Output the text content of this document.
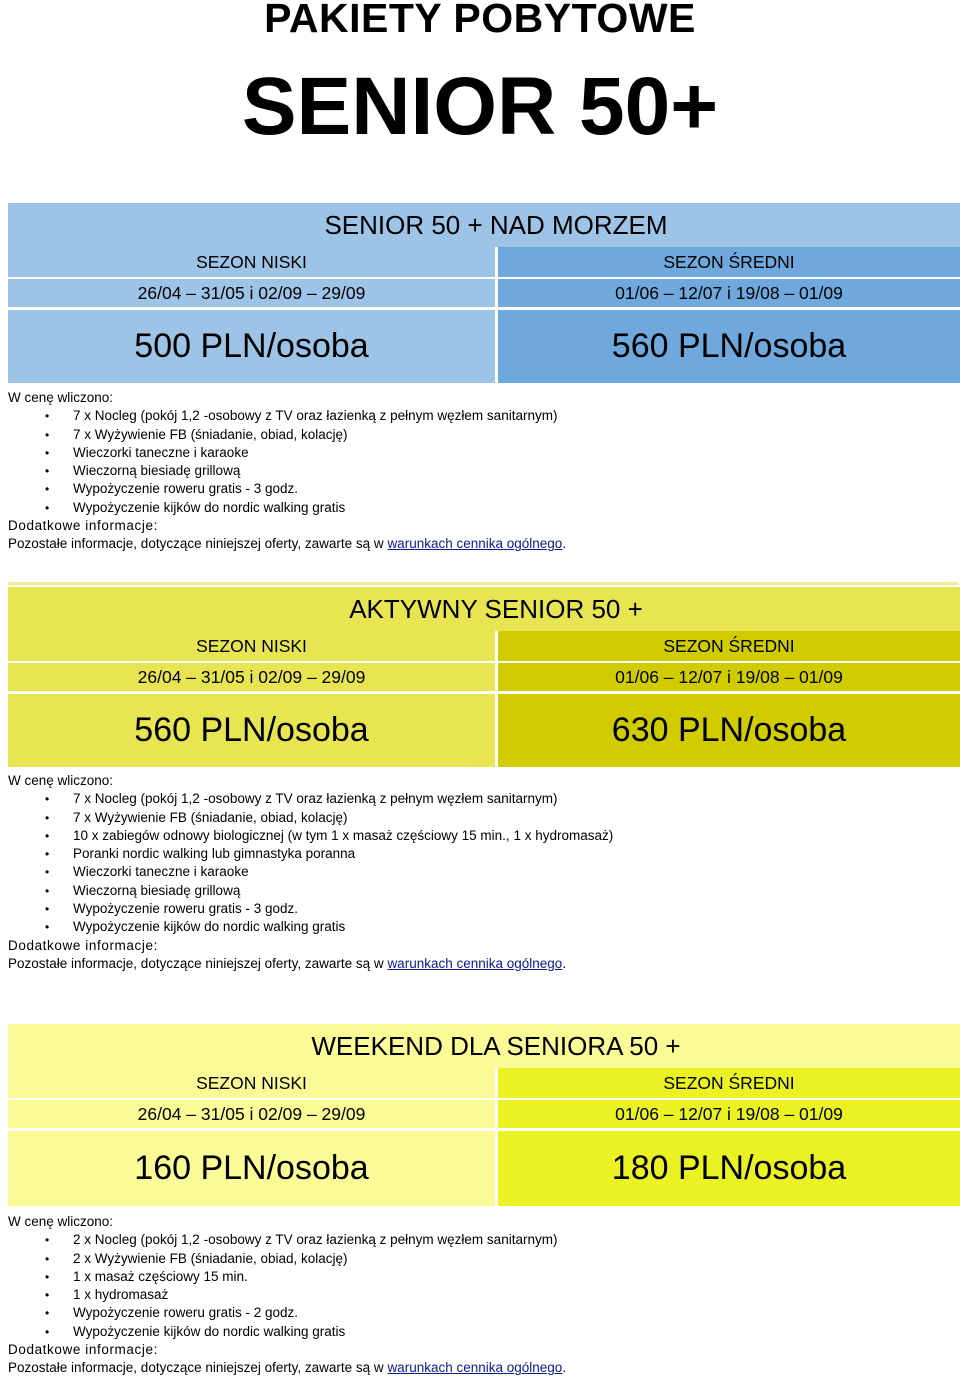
PAKIETY POBYTOWE
SENIOR 50+
SENIOR 50 + NAD MORZEM
SEZON NISKI	SEZON ŚREDNI
26/04 – 31/05 i 02/09 – 29/09	01/06 – 12/07 i 19/08 – 01/09
500 PLN/osoba	560 PLN/osoba
W cenę wliczono:
• 7 x Nocleg (pokój 1,2 -osobowy z TV oraz łazienką z pełnym węzłem sanitarnym)
• 7 x Wyżywienie FB (śniadanie, obiad, kolację)
• Wieczorki taneczne i karaoke
• Wieczorną biesiadę grillową
• Wypożyczenie roweru gratis - 3 godz.
• Wypożyczenie kijków do nordic walking gratis
Dodatkowe informacje:
Pozostałe informacje, dotyczące niniejszej oferty, zawarte są w warunkach cennika ogólnego.
AKTYWNY SENIOR 50 +
SEZON NISKI	SEZON ŚREDNI
26/04 – 31/05 i 02/09 – 29/09	01/06 – 12/07 i 19/08 – 01/09
560 PLN/osoba	630 PLN/osoba
W cenę wliczono:
• 7 x Nocleg (pokój 1,2 -osobowy z TV oraz łazienką z pełnym węzłem sanitarnym)
• 7 x Wyżywienie FB (śniadanie, obiad, kolację)
• 10 x zabiegów odnowy biologicznej (w tym 1 x masaż częściowy 15 min., 1 x hydromasaż)
• Poranki nordic walking lub gimnastyka poranna
• Wieczorki taneczne i karaoke
• Wieczorną biesiadę grillową
• Wypożyczenie roweru gratis - 3 godz.
• Wypożyczenie kijków do nordic walking gratis
Dodatkowe informacje:
Pozostałe informacje, dotyczące niniejszej oferty, zawarte są w warunkach cennika ogólnego.
WEEKEND DLA SENIORA 50 +
SEZON NISKI	SEZON ŚREDNI
26/04 – 31/05 i 02/09 – 29/09	01/06 – 12/07 i 19/08 – 01/09
160 PLN/osoba	180 PLN/osoba
W cenę wliczono:
• 2 x Nocleg (pokój 1,2 -osobowy z TV oraz łazienką z pełnym węzłem sanitarnym)
• 2 x Wyżywienie FB (śniadanie, obiad, kolację)
• 1 x masaż częściowy 15 min.
• 1 x hydromasaż
• Wypożyczenie roweru gratis - 2 godz.
• Wypożyczenie kijków do nordic walking gratis
Dodatkowe informacje:
Pozostałe informacje, dotyczące niniejszej oferty, zawarte są w warunkach cennika ogólnego.
